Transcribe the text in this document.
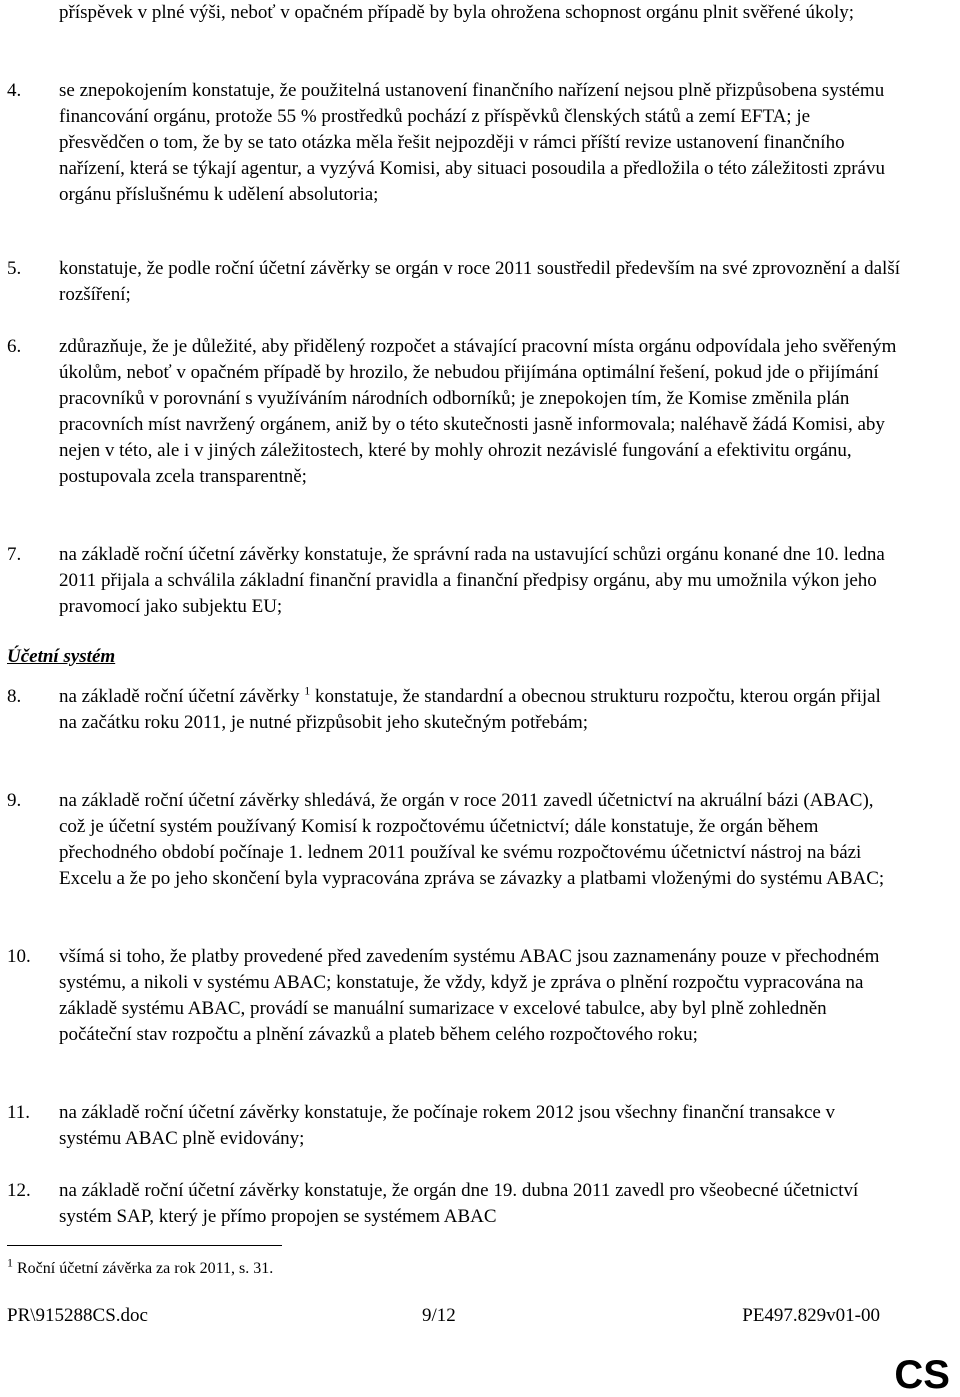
příspěvek v plné výši, neboť v opačném případě by byla ohrožena schopnost orgánu plnit svěřené úkoly;
4. se znepokojením konstatuje, že použitelná ustanovení finančního nařízení nejsou plně přizpůsobena systému financování orgánu, protože 55 % prostředků pochází z příspěvků členských států a zemí EFTA; je přesvědčen o tom, že by se tato otázka měla řešit nejpozději v rámci příští revize ustanovení finančního nařízení, která se týkají agentur, a vyzývá Komisi, aby situaci posoudila a předložila o této záležitosti zprávu orgánu příslušnému k udělení absolutoria;
5. konstatuje, že podle roční účetní závěrky se orgán v roce 2011 soustředil především na své zprovoznění a další rozšíření;
6. zdůrazňuje, že je důležité, aby přidělený rozpočet a stávající pracovní místa orgánu odpovídala jeho svěřeným úkolům, neboť v opačném případě by hrozilo, že nebudou přijímána optimální řešení, pokud jde o přijímání pracovníků v porovnání s využíváním národních odborníků; je znepokojen tím, že Komise změnila plán pracovních míst navržený orgánem, aniž by o této skutečnosti jasně informovala; naléhavě žádá Komisi, aby nejen v této, ale i v jiných záležitostech, které by mohly ohrozit nezávislé fungování a efektivitu orgánu, postupovala zcela transparentně;
7. na základě roční účetní závěrky konstatuje, že správní rada na ustavující schůzi orgánu konané dne 10. ledna 2011 přijala a schválila základní finanční pravidla a finanční předpisy orgánu, aby mu umožnila výkon jeho pravomocí jako subjektu EU;
Účetní systém
8. na základě roční účetní závěrky $^1$ konstatuje, že standardní a obecnou strukturu rozpočtu, kterou orgán přijal na začátku roku 2011, je nutné přizpůsobit jeho skutečným potřebám;
9. na základě roční účetní závěrky shledává, že orgán v roce 2011 zavedl účetnictví na akruální bázi (ABAC), což je účetní systém používaný Komisí k rozpočtovému účetnictví; dále konstatuje, že orgán během přechodného období počínaje 1. lednem 2011 používal ke svému rozpočtovému účetnictví nástroj na bázi Excelu a že po jeho skončení byla vypracována zpráva se závazky a platbami vloženými do systému ABAC;
10. všímá si toho, že platby provedené před zavedením systému ABAC jsou zaznamenány pouze v přechodném systému, a nikoli v systému ABAC; konstatuje, že vždy, když je zpráva o plnění rozpočtu vypracována na základě systému ABAC, provádí se manuální sumarizace v excelové tabulce, aby byl plně zohledněn počáteční stav rozpočtu a plnění závazků a plateb během celého rozpočtového roku;
11. na základě roční účetní závěrky konstatuje, že počínaje rokem 2012 jsou všechny finanční transakce v systému ABAC plně evidovány;
12. na základě roční účetní závěrky konstatuje, že orgán dne 19. dubna 2011 zavedl pro všeobecné účetnictví systém SAP, který je přímo propojen se systémem ABAC
$^1$ Roční účetní závěrka za rok 2011, s. 31.
PR\915288CS.doc	9/12	PE497.829v01-00
CS
